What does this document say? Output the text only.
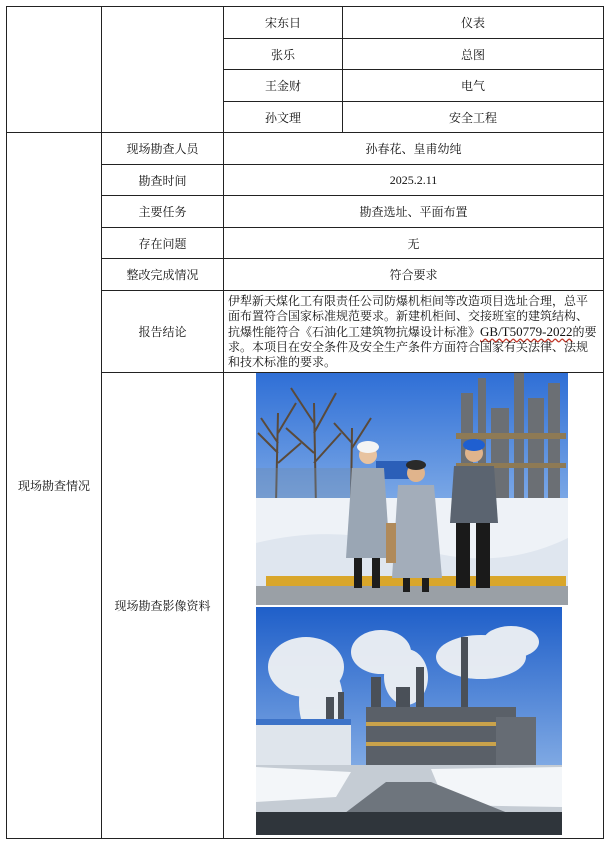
		宋东日	仪表
		张乐	总图
		王金财	电气
		孙文理	安全工程
现场勘查情况	现场勘查人员	孙春花、皇甫幼纯	
	勘查时间	2025.2.11	
	主要任务	勘查选址、平面布置	
	存在问题	无	
	整改完成情况	符合要求	
	报告结论	伊犁新天煤化工有限责任公司防爆机柜间等改造项目选址合理，总平面布置符合国家标准规范要求。新建机柜间、交接班室的建筑结构、抗爆性能符合《石油化工建筑物抗爆设计标准》GB/T50779-2022的要求。本项目在安全条件及安全生产条件方面符合国家有关法律、法规和技术标准的要求。	
	现场勘查影像资料	
